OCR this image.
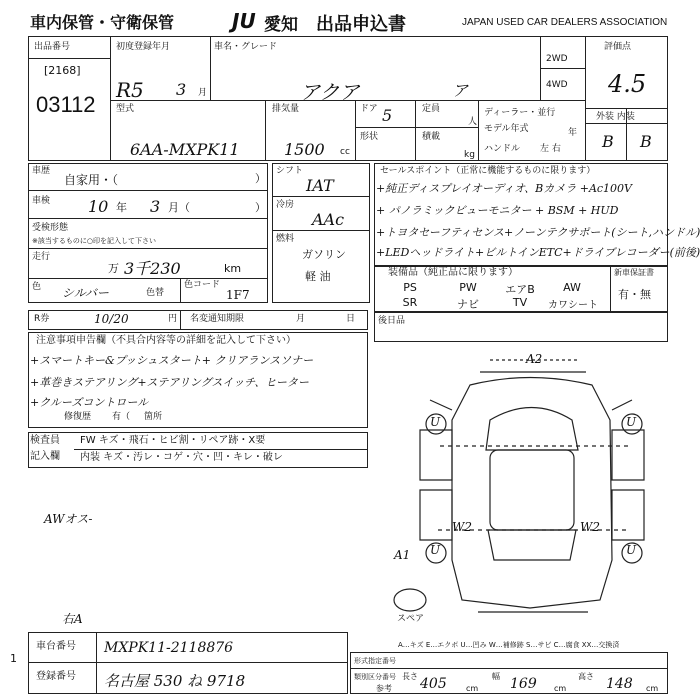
車内保管・守衛保管	JU 愛知 出品申込書	JAPAN USED CAR DEALERS ASSOCIATION
出品番号
[2168]
03112
初度登録年月
R5 3 月
車名・グレード
アクア	ア
2WD
4WD
評価点
4.5
型式
6AA-MXPK11
排気量
1500 cc
ドア 5	定員
人
形状	積載
kg
ディーラー・並行
モデル年式	年
ハンドル 左 右
外装 内装
B B
車歴
自家用・（	）
車検 10 年 3 月（	）
受検形態
※該当するものに○印を記入して下さい
走行
万 3千230	km
色 シルバー	色替
色コード
1F7
シフト
IAT
冷房
AAc
燃料
ガソリン
軽 油
セールスポイント（正常に機能するものに限ります）
+純正ディスプレイオーディオ、Bカメラ +Ac100V
+ パノラミックビューモニター + BSM + HUD
+トヨタセーフティセンス+ノーンテクサポート(シート,ハンドル)
+LEDヘッドライト+ビルトインETC+ドライブレコーダー(前後)
装備品（純正品に限ります）	新車保証書
有・無
PS	PW	エアB	AW
SR	ナビ	TV	カワシート
R券	10/20	円 名変通知期限	月	日	後日品
注意事項申告欄（不具合内容等の詳細を記入して下さい）
+スマートキー&プッシュスタート+ クリアランスソナー
+革巻きステアリング+ステアリングスイッチ、ヒーター
+クルーズコントロール
修復歴 有（ 箇所
検査員
記入欄
FW キズ・飛石・ヒビ割・リペア跡・X要
内装 キズ・汚レ・コゲ・穴・凹・キレ・破レ
AWオス-
A2
U	U
W2	W2
U	U
A1
スペア
A…キズ E…エクボ U…凹み W…補修跡 S…サビ C…腐食 XX…交換済
右A
1
車台番号 MXPK11-2118876
登録番号 名古屋 530 ね 9718
形式指定番号
類別区分番号
参考
長さ 405 cm
幅 169 cm
高さ 148 cm
